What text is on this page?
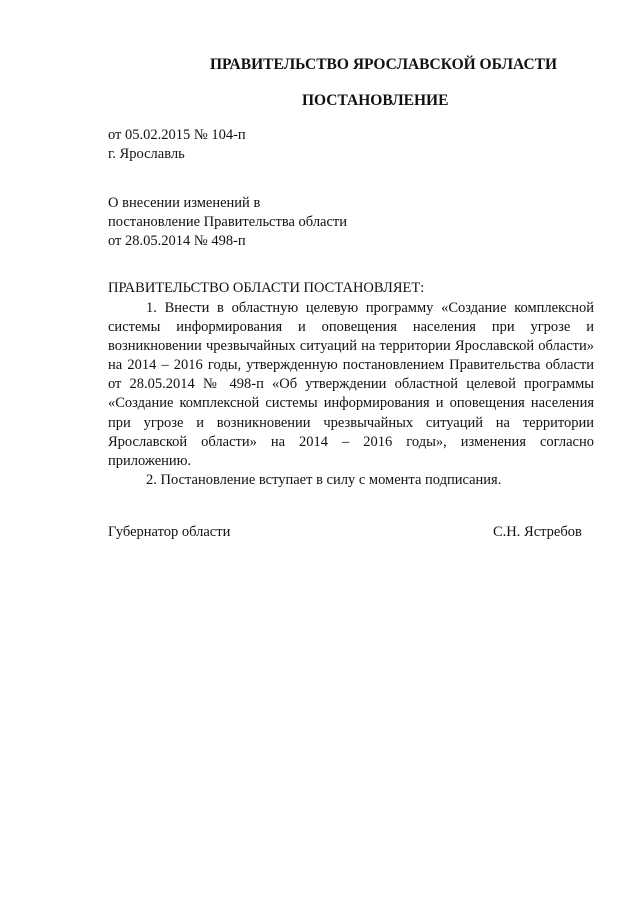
ПРАВИТЕЛЬСТВО ЯРОСЛАВСКОЙ ОБЛАСТИ
ПОСТАНОВЛЕНИЕ
от 05.02.2015 № 104-п
г. Ярославль
О внесении изменений в постановление Правительства области от 28.05.2014 № 498-п
ПРАВИТЕЛЬСТВО ОБЛАСТИ ПОСТАНОВЛЯЕТ:

1. Внести в областную целевую программу «Создание комплексной системы информирования и оповещения населения при угрозе и возникновении чрезвычайных ситуаций на территории Ярославской области» на 2014 – 2016 годы, утвержденную постановлением Правительства области от 28.05.2014 № 498-п «Об утверждении областной целевой программы «Создание комплексной системы информирования и оповещения населения при угрозе и возникновении чрезвычайных ситуаций на территории Ярославской области» на 2014 – 2016 годы», изменения согласно приложению.

2. Постановление вступает в силу с момента подписания.

Губернатор области	С.Н. Ястребов
